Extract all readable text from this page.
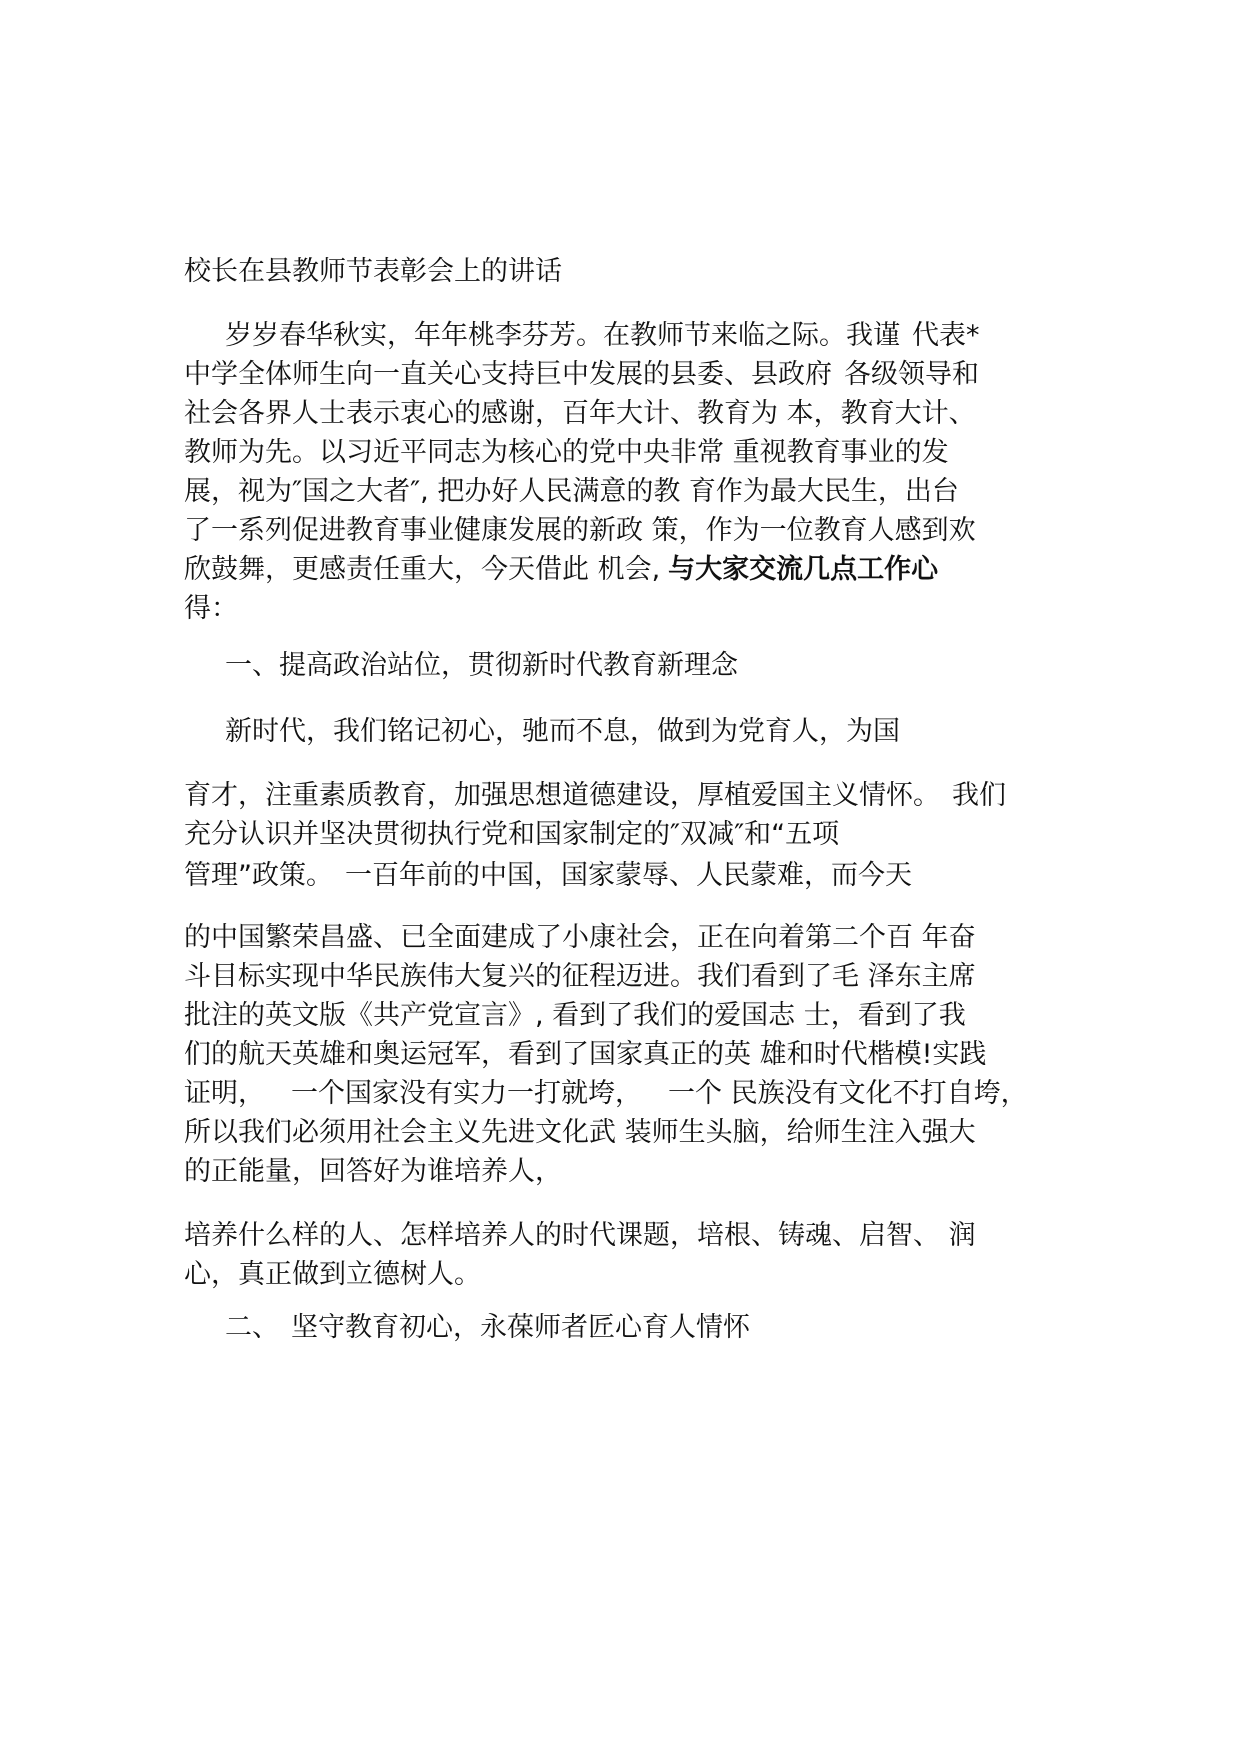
校长在县教师节表彰会上的讲话
岁岁春华秋实，年年桃李芬芳。在教师节来临之际。我谨 代表*
中学全体师生向一直关心支持巨中发展的县委、县政府 各级领导和
社会各界人士表示衷心的感谢，百年大计、教育为 本，教育大计、
教师为先。以习近平同志为核心的党中央非常 重视教育事业的发
展，视为″国之大者″, 把办好人民满意的教 育作为最大民生，出台
了一系列促进教育事业健康发展的新政 策，作为一位教育人感到欢
欣鼓舞，更感责任重大，今天借此 机会, 与大家交流几点工作心
得：
一、提高政治站位，贯彻新时代教育新理念
新时代，我们铭记初心，驰而不息，做到为党育人，为国
育才，注重素质教育，加强思想道德建设，厚植爱国主义情怀。 我们
充分认识并坚决贯彻执行党和国家制定的″双减″和“五项
管理”政策。 一百年前的中国，国家蒙辱、人民蒙难，而今天
的中国繁荣昌盛、已全面建成了小康社会，正在向着第二个百 年奋
斗目标实现中华民族伟大复兴的征程迈进。我们看到了毛 泽东主席
批注的英文版《共产党宣言》, 看到了我们的爱国志 士，看到了我
们的航天英雄和奥运冠军，看到了国家真正的英 雄和时代楷模!实践
证明， 一个国家没有实力一打就垮， 一个 民族没有文化不打自垮，
所以我们必须用社会主义先进文化武 装师生头脑，给师生注入强大
的正能量，回答好为谁培养人，
培养什么样的人、怎样培养人的时代课题，培根、铸魂、启智、 润
心，真正做到立德树人。
二、 坚守教育初心，永葆师者匠心育人情怀
